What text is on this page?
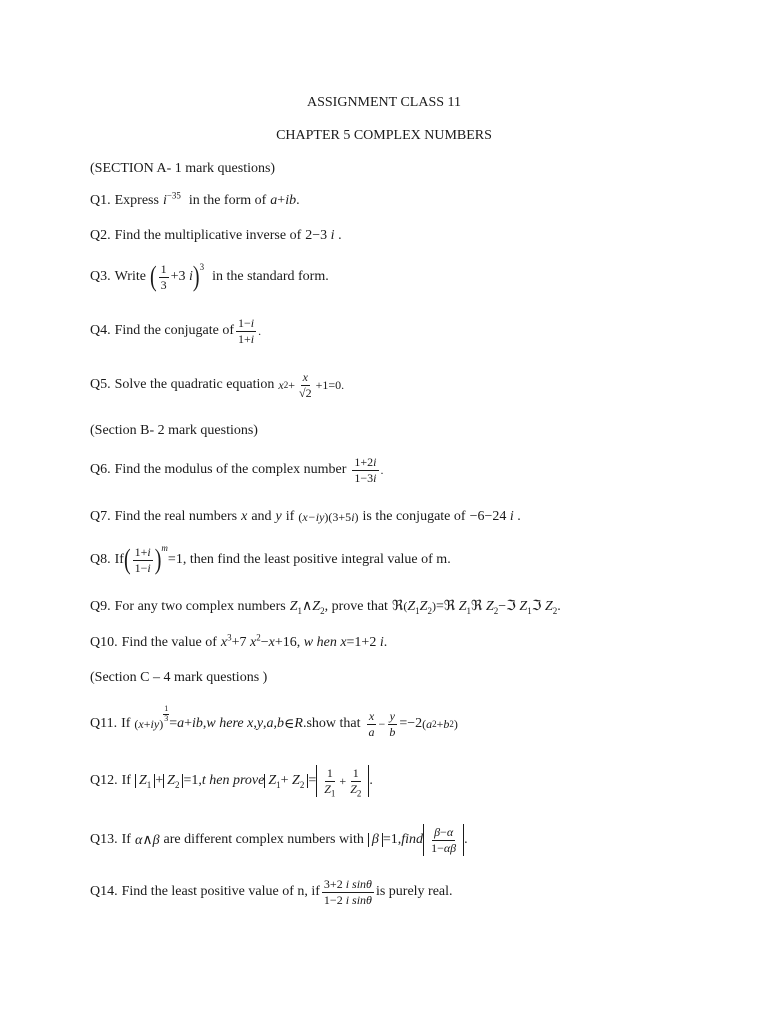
ASSIGNMENT CLASS 11
CHAPTER 5 COMPLEX NUMBERS
(SECTION A- 1 mark questions)
Q1. Express $i^{-35}$ in the form of a+ib.
Q2. Find the multiplicative inverse of 2−3 i .
Q3. Write ( $\frac{1}{3} +3$ i )$^3$
in the standard form.
Q4. Find the conjugate of $\frac{1-i}{1+i}$ .
Q5. Solve the quadratic equation x $2 + \frac{x}{√2} +1=0$.
(Section B- 2 mark questions)
Q6. Find the modulus of the complex number $\frac{1+2i}{1-3i}$ .
Q7. Find the real numbers x and y if (x−iy)(3+5i) is the conjugate of −6−24 i .
Q8. If ( $\frac{1+i}{1-i} )^m$
=1 , then find the least positive integral value of m.
Q9. For any two complex numbers $Z_1\wedge Z_2$ , prove that $ℜ(Z_1Z_2)=ℜ$ $Z_1ℜ$ $Z_2-ℑ$ $Z_1ℑ$ $Z_2$.
Q10. Find the value of $x^3+7$ $x^2-x+16$, w hen x=1+2 i.
(Section C – 4 mark questions )
Q11. If (x+iy)
$\frac{1}{3}$
= a + ib , w here x , y , a , b ∈ R . show that $\frac{x}{a} - \frac{y}{b} =-2$ ( a 2 + b 2 )
Q12. If $Z_1 + Z_2 =1$, t hen prove $Z_1+ Z_2 = \frac{1}{Z_1} + \frac{1}{Z_2}$ .
Q13. If α∧β are different complex numbers with β =1, find $\frac{\beta-\alpha}{1-\overline{\alpha}\beta}$ .
Q14. Find the least positive value of n, if $\frac{\text{3+2 i sinθ}}{\text{1−2 i sinθ}}$ is purely real.
